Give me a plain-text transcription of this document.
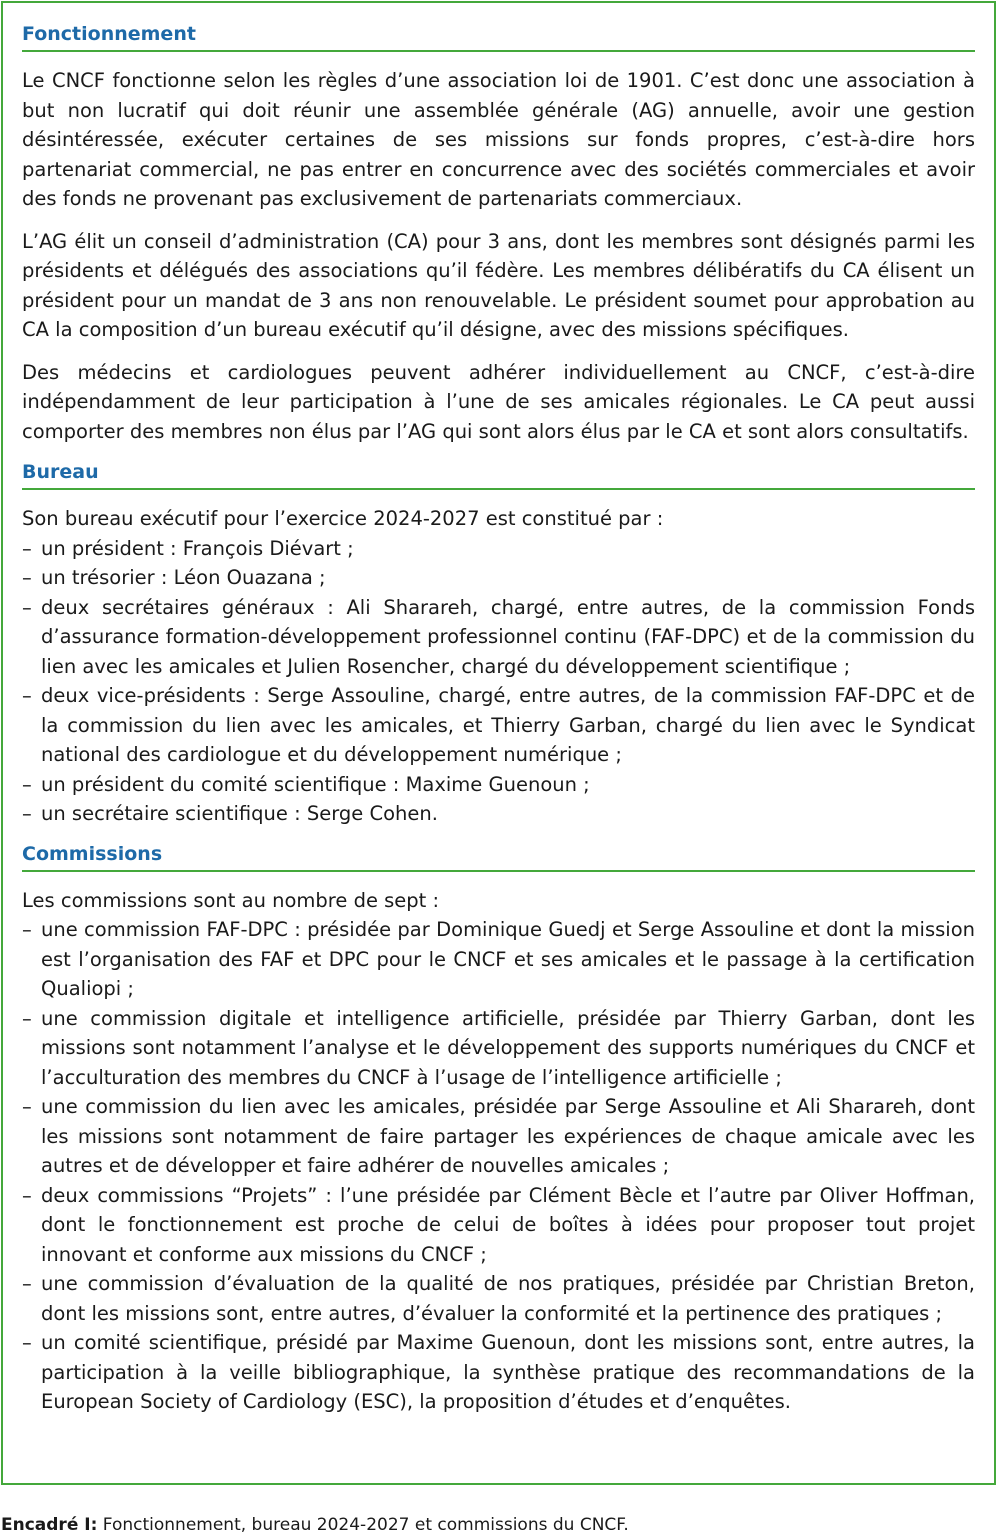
Fonctionnement

Le CNCF fonctionne selon les règles d’une association loi de 1901. C’est donc une association à but non lucratif qui doit réunir une assemblée générale (AG) annuelle, avoir une gestion désintéressée, exécuter certaines de ses missions sur fonds propres, c’est-à-dire hors partenariat commercial, ne pas entrer en concurrence avec des sociétés commerciales et avoir des fonds ne provenant pas exclusivement de partenariats commerciaux.

L’AG élit un conseil d’administration (CA) pour 3 ans, dont les membres sont désignés parmi les présidents et délégués des associations qu’il fédère. Les membres délibératifs du CA élisent un président pour un mandat de 3 ans non renouvelable. Le président soumet pour approbation au CA la composition d’un bureau exécutif qu’il désigne, avec des missions spécifiques.

Des médecins et cardiologues peuvent adhérer individuellement au CNCF, c’est-à-dire indépendamment de leur participation à l’une de ses amicales régionales. Le CA peut aussi comporter des membres non élus par l’AG qui sont alors élus par le CA et sont alors consultatifs.

Bureau

Son bureau exécutif pour l’exercice 2024-2027 est constitué par :

– un président : François Diévart ;
– un trésorier : Léon Ouazana ;
– deux secrétaires généraux : Ali Sharareh, chargé, entre autres, de la commission Fonds d’assurance formation-développement professionnel continu (FAF-DPC) et de la commission du lien avec les amicales et Julien Rosencher, chargé du développement scientifique ;
– deux vice-présidents : Serge Assouline, chargé, entre autres, de la commission FAF-DPC et de la commission du lien avec les amicales, et Thierry Garban, chargé du lien avec le Syndicat national des cardiologue et du développement numérique ;
– un président du comité scientifique : Maxime Guenoun ;
– un secrétaire scientifique : Serge Cohen.
Commissions

Les commissions sont au nombre de sept :

– une commission FAF-DPC : présidée par Dominique Guedj et Serge Assouline et dont la mission est l’organisation des FAF et DPC pour le CNCF et ses amicales et le passage à la certification Qualiopi ;
– une commission digitale et intelligence artificielle, présidée par Thierry Garban, dont les missions sont notamment l’analyse et le développement des supports numériques du CNCF et l’acculturation des membres du CNCF à l’usage de l’intelligence artificielle ;
– une commission du lien avec les amicales, présidée par Serge Assouline et Ali Sharareh, dont les missions sont notamment de faire partager les expériences de chaque amicale avec les autres et de développer et faire adhérer de nouvelles amicales ;
– deux commissions “Projets” : l’une présidée par Clément Bècle et l’autre par Oliver Hoffman, dont le fonctionnement est proche de celui de boîtes à idées pour proposer tout projet innovant et conforme aux missions du CNCF ;
– une commission d’évaluation de la qualité de nos pratiques, présidée par Christian Breton, dont les missions sont, entre autres, d’évaluer la conformité et la pertinence des pratiques ;
– un comité scientifique, présidé par Maxime Guenoun, dont les missions sont, entre autres, la participation à la veille bibliographique, la synthèse pratique des recommandations de la European Society of Cardiology (ESC), la proposition d’études et d’enquêtes.
Encadré I: Fonctionnement, bureau 2024-2027 et commissions du CNCF.
